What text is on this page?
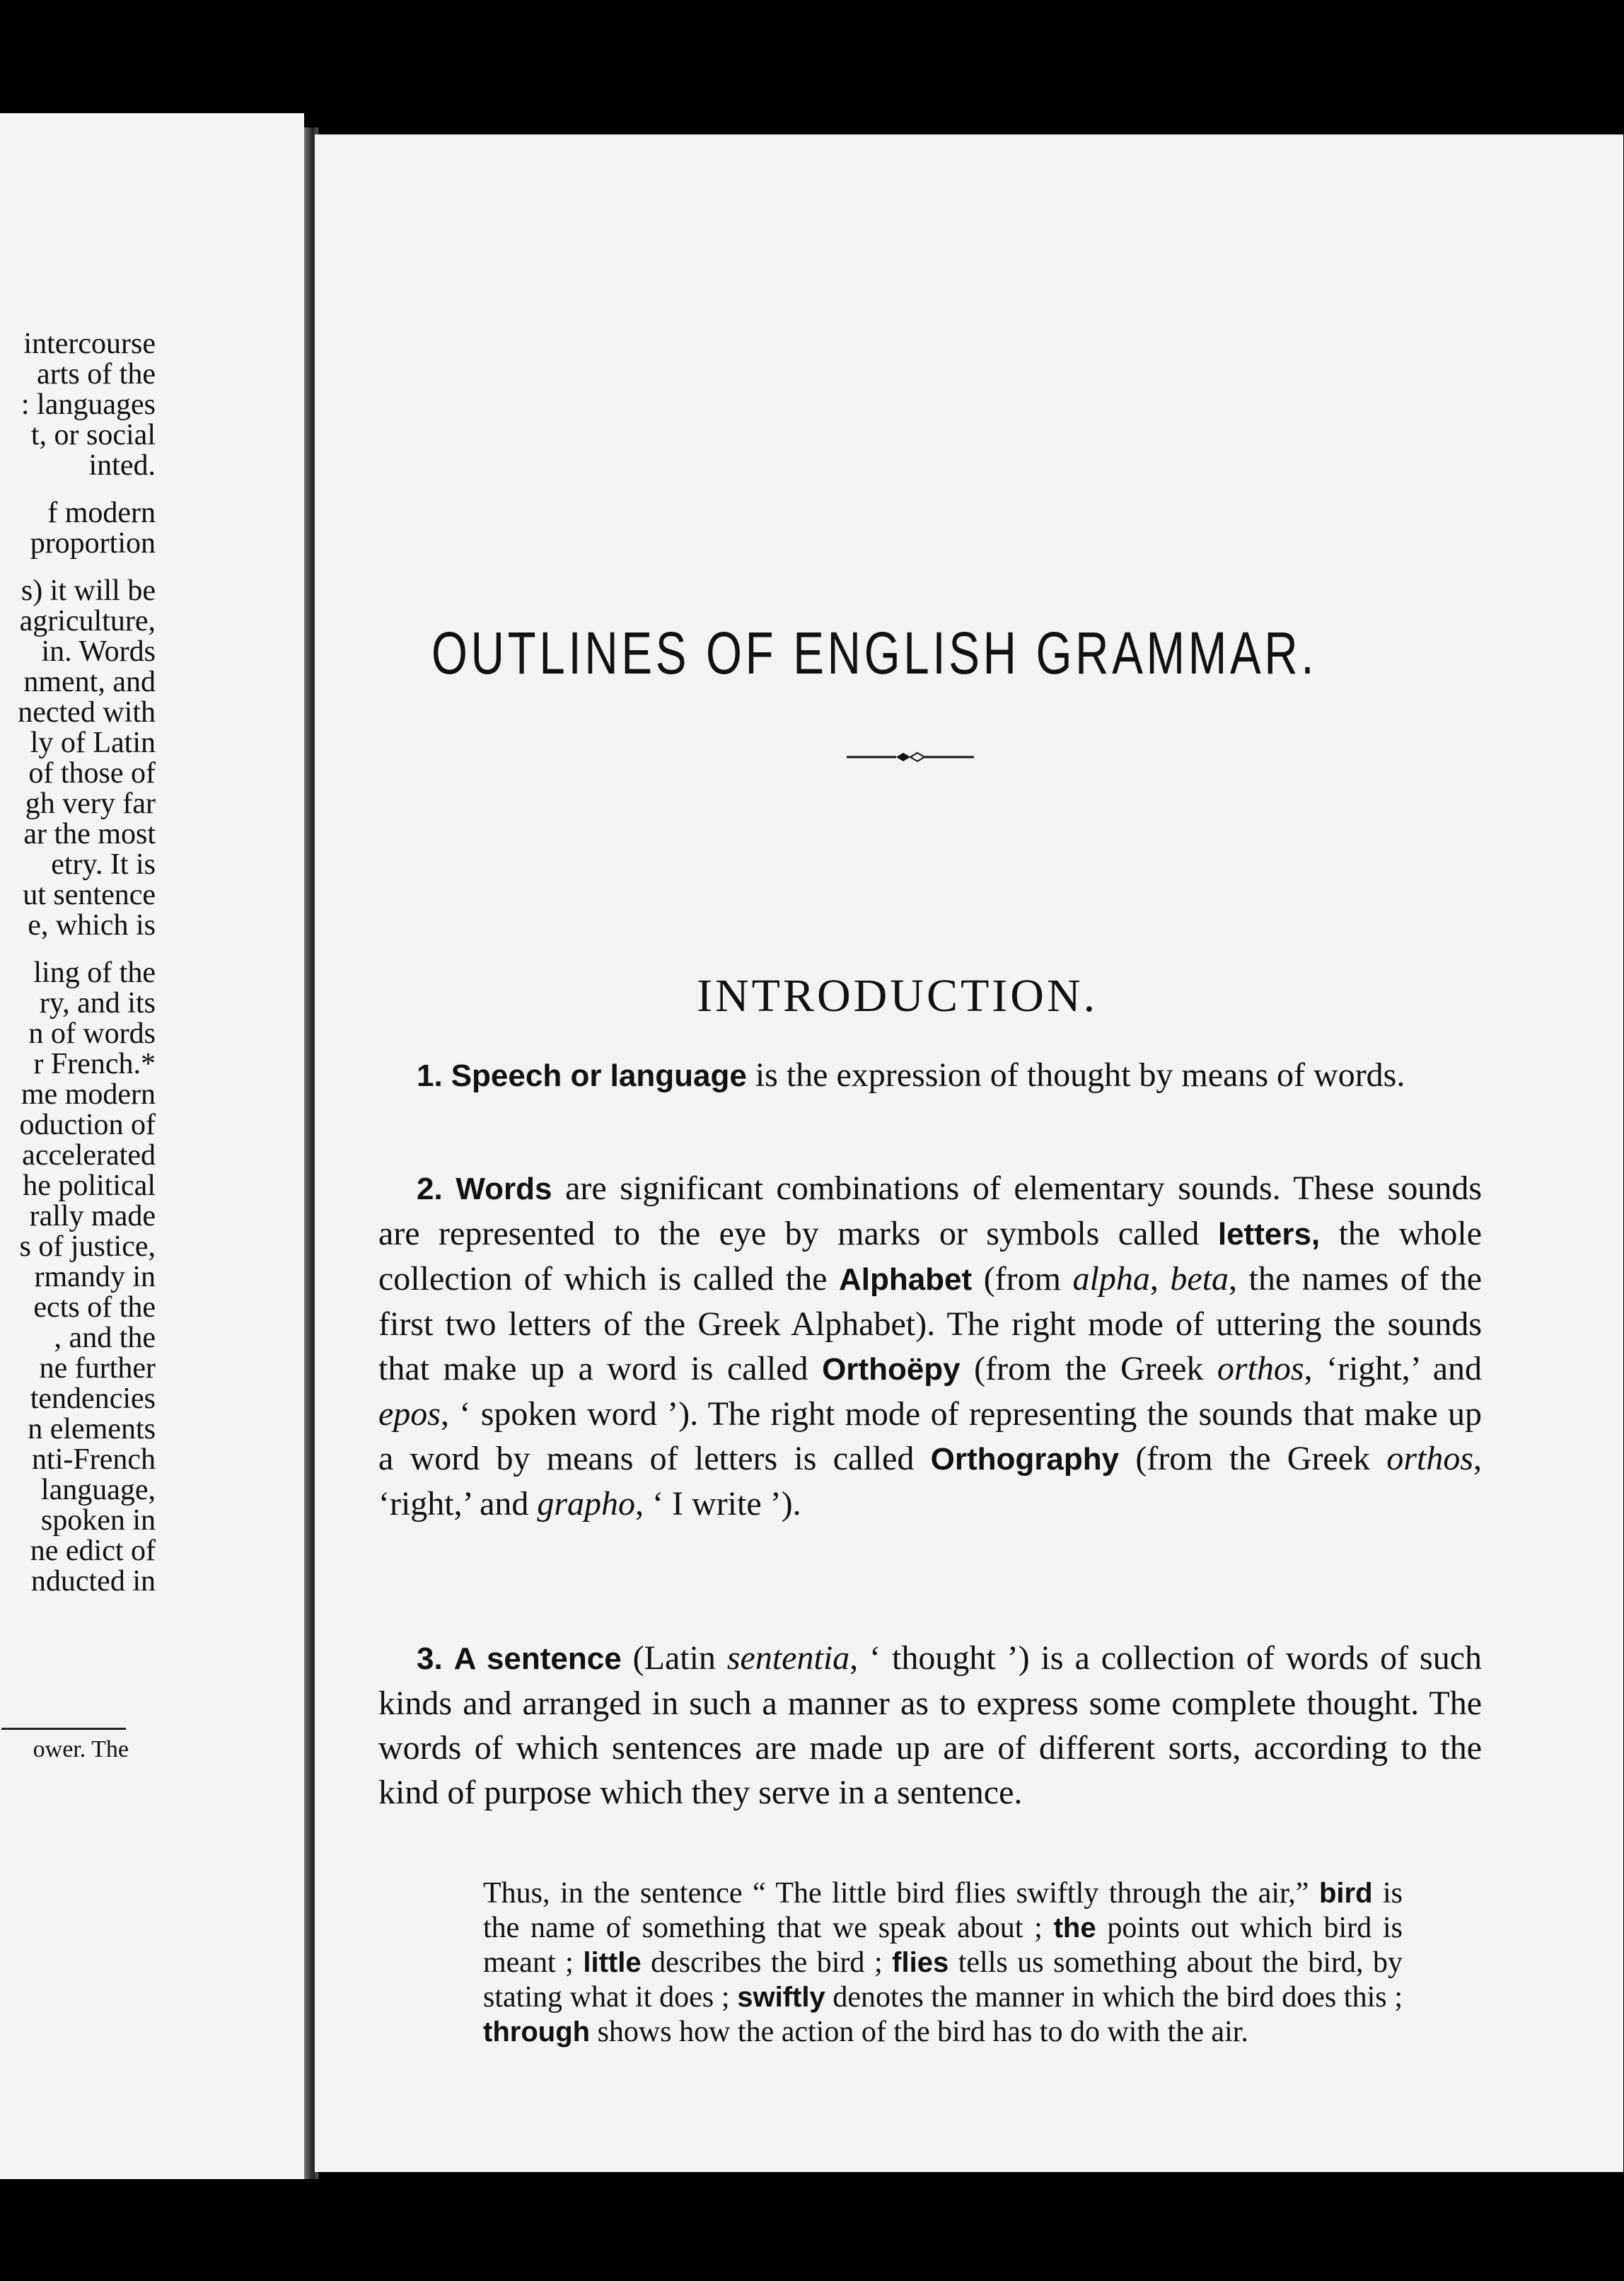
intercourse
arts of the
: languages
t, or social
inted.
f modern
proportion
s) it will be
agriculture,
in. Words
nment, and
nected with
ly of Latin
of those of
gh very far
ar the most
etry. It is
ut sentence
e, which is
ling of the
ry, and its
n of words
r French.*
me modern
oduction of
accelerated
he political
rally made
s of justice,
rmandy in
ects of the
, and the
ne further
tendencies
n elements
nti-French
language,
spoken in
ne edict of
nducted in
ower. The
OUTLINES OF ENGLISH GRAMMAR.
INTRODUCTION.
1. Speech or language is the expression of thought by means of words.
2. Words are significant combinations of elementary sounds. These sounds are represented to the eye by marks or symbols called letters, the whole collection of which is called the Alphabet (from alpha, beta, the names of the first two letters of the Greek Alphabet). The right mode of uttering the sounds that make up a word is called Orthoëpy (from the Greek orthos, ‘right,’ and epos, ‘ spoken word ’). The right mode of representing the sounds that make up a word by means of letters is called Orthography (from the Greek orthos, ‘right,’ and grapho, ‘ I write ’).
3. A sentence (Latin sententia, ‘ thought ’) is a collection of words of such kinds and arranged in such a manner as to express some complete thought. The words of which sentences are made up are of different sorts, according to the kind of purpose which they serve in a sentence.
Thus, in the sentence “ The little bird flies swiftly through the air,” bird is the name of something that we speak about ; the points out which bird is meant ; little describes the bird ; flies tells us something about the bird, by stating what it does ; swiftly denotes the manner in which the bird does this ; through shows how the action of the bird has to do with the air.
